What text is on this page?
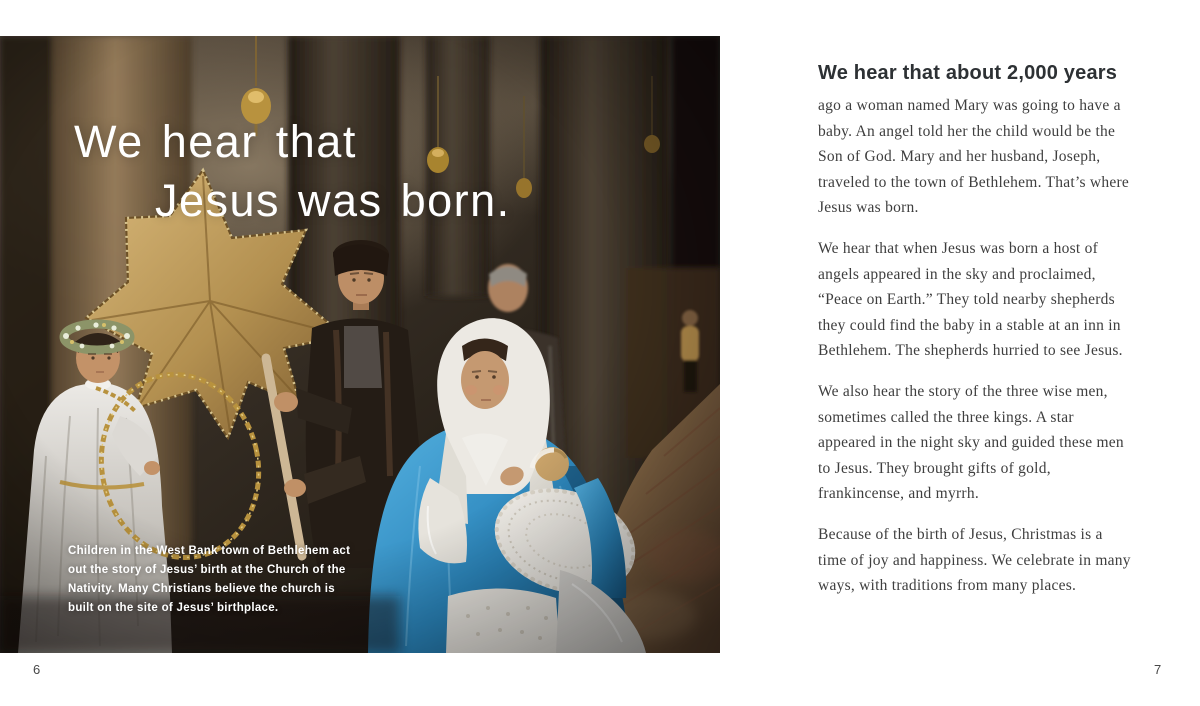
We hear that
Jesus was born.
Children in the West Bank town of Bethlehem act out the story of Jesus’ birth at the Church of the Nativity. Many Christians believe the church is built on the site of Jesus’ birthplace.
6
We hear that about 2,000 years

ago a woman named Mary was going to have a baby. An angel told her the child would be the Son of God. Mary and her husband, Joseph, traveled to the town of Bethlehem. That’s where Jesus was born.

We hear that when Jesus was born a host of angels appeared in the sky and proclaimed, “Peace on Earth.” They told nearby shepherds they could find the baby in a stable at an inn in Bethlehem. The shepherds hurried to see Jesus.

We also hear the story of the three wise men, sometimes called the three kings. A star appeared in the night sky and guided these men to Jesus. They brought gifts of gold, frankincense, and myrrh.

Because of the birth of Jesus, Christmas is a time of joy and happiness. We celebrate in many ways, with traditions from many places.

7
